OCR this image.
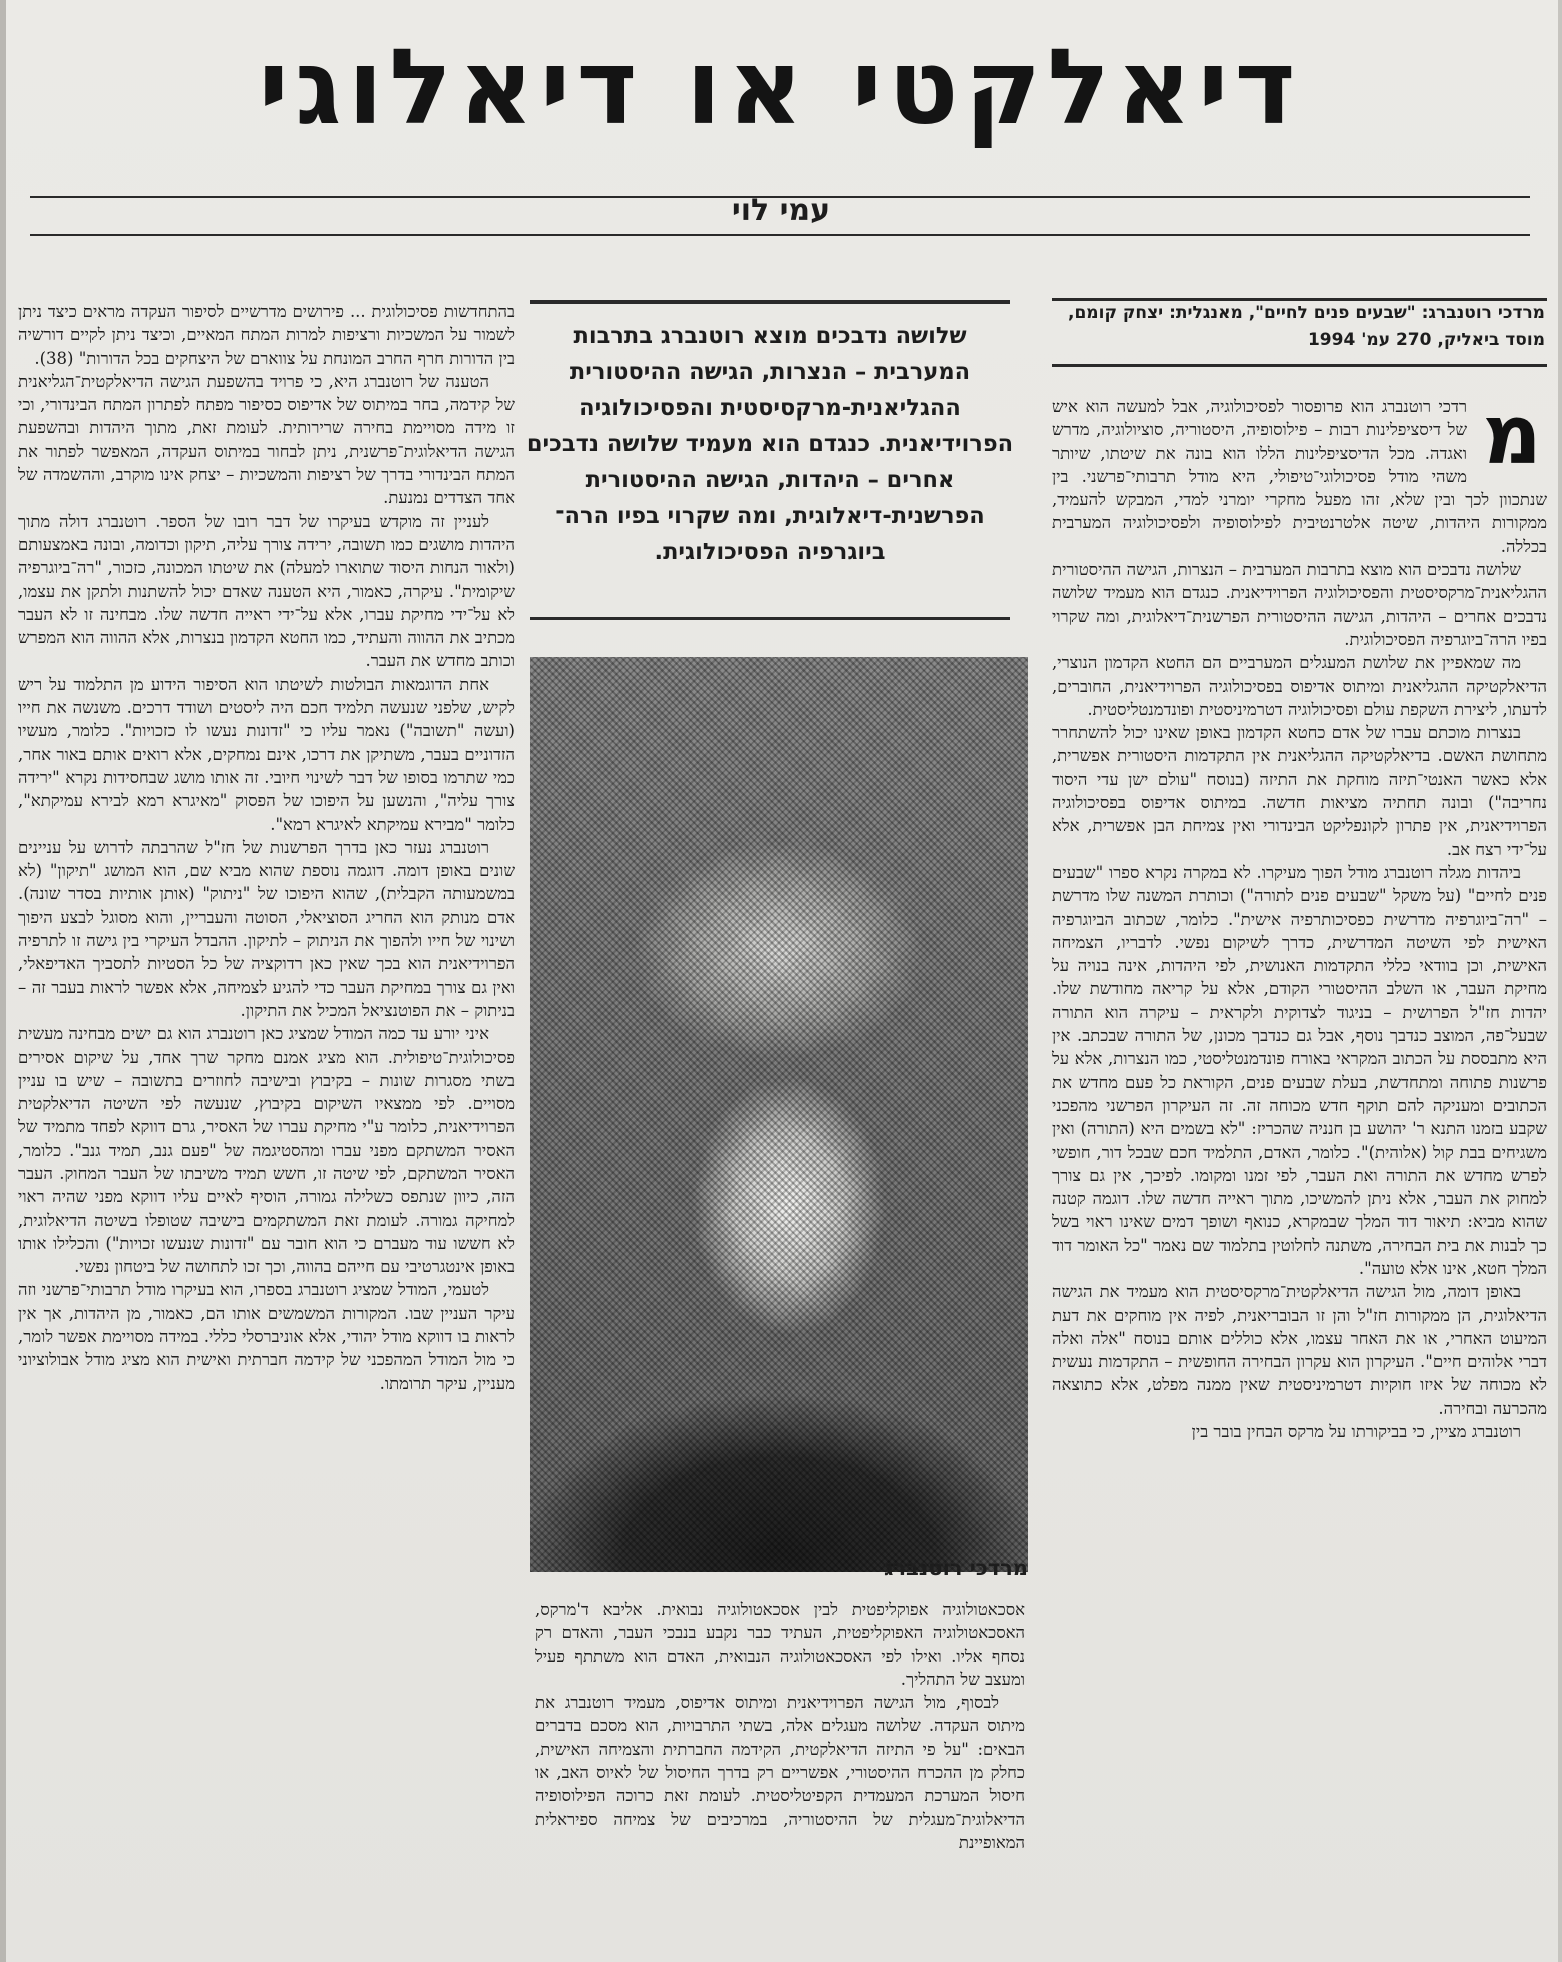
דיאלקטי או דיאלוגי
עמי לוי
מרדכי רוטנברג: "שבעים פנים לחיים", מאנגלית: יצחק קומם, מוסד ביאליק, 270 עמ' 1994
מ

רדכי רוטנברג הוא פרופסור לפסיכולוגיה, אבל למעשה הוא איש של דיסציפלינות רבות – פילוסופיה, היסטוריה, סוציולוגיה, מדרש ואגדה. מכל הדיסציפלינות הללו הוא בונה את שיטתו, שיותר משהי מודל פסיכולוגי־טיפולי, היא מודל תרבותי־פרשני. בין שנתכוון לכך ובין שלא, זהו מפעל מחקרי יומרני למדי, המבקש להעמיד, ממקורות היהדות, שיטה אלטרנטיבית לפילוסופיה ולפסיכולוגיה המערבית בכללה.

שלושה נדבכים הוא מוצא בתרבות המערבית – הנצרות, הגישה ההיסטורית ההגליאנית־מרקסיסטית והפסיכולוגיה הפרוידיאנית. כנגדם הוא מעמיד שלושה נדבכים אחרים – היהדות, הגישה ההיסטורית הפרשנית־דיאלוגית, ומה שקרוי בפיו הרה־ביוגרפיה הפסיכולוגית.

מה שמאפיין את שלושת המעגלים המערביים הם החטא הקדמון הנוצרי, הדיאלקטיקה ההגליאנית ומיתוס אדיפוס בפסיכולוגיה הפרוידיאנית, החוברים, לדעתו, ליצירת השקפת עולם ופסיכולוגיה דטרמיניסטית ופונדמנטליסטית.

בנצרות מוכתם עברו של אדם כחטא הקדמון באופן שאינו יכול להשתחרר מתחושת האשם. בדיאלקטיקה ההגליאנית אין התקדמות היסטורית אפשרית, אלא כאשר האנטי־תיזה מוחקת את התיזה (בנוסח "עולם ישן עדי היסוד נחריבה") ובונה תחתיה מציאות חדשה. במיתוס אדיפוס בפסיכולוגיה הפרוידיאנית, אין פתרון לקונפליקט הבינדורי ואין צמיחת הבן אפשרית, אלא על־ידי רצח אב.

ביהדות מגלה רוטנברג מודל הפוך מעיקרו. לא במקרה נקרא ספרו "שבעים פנים לחיים" (על משקל "שבעים פנים לתורה") וכותרת המשנה שלו מדרשת – "רה־ביוגרפיה מדרשית כפסיכותרפיה אישית". כלומר, שכתוב הביוגרפיה האישית לפי השיטה המדרשית, כדרך לשיקום נפשי. לדבריו, הצמיחה האישית, וכן בוודאי כללי התקדמות האנושית, לפי היהדות, אינה בנויה על מחיקת העבר, או השלב ההיסטורי הקודם, אלא על קריאה מחודשת שלו. יהדות חז"ל הפרושית – בניגוד לצדוקית ולקראית – עיקרה הוא התורה שבעל־פה, המוצב כנדבך נוסף, אבל גם כנדבך מכונן, של התורה שבכתב. אין היא מתבססת על הכתוב המקראי באורח פונדמנטליסטי, כמו הנצרות, אלא על פרשנות פתוחה ומתחדשת, בעלת שבעים פנים, הקוראת כל פעם מחדש את הכתובים ומעניקה להם תוקף חדש מכוחה זה. זה העיקרון הפרשני מהפכני שקבע בזמנו התנא ר' יהושע בן חנניה שהכריז: "לא בשמים היא (התורה) ואין משגיחים בבת קול (אלוהית)". כלומר, האדם, התלמיד חכם שבכל דור, חופשי לפרש מחדש את התורה ואת העבר, לפי זמנו ומקומו. לפיכך, אין גם צורך למחוק את העבר, אלא ניתן להמשיכו, מתוך ראייה חדשה שלו. דוגמה קטנה שהוא מביא: תיאור דוד המלך שבמקרא, כנואף ושופך דמים שאינו ראוי בשל כך לבנות את בית הבחירה, משתנה לחלוטין בתלמוד שם נאמר "כל האומר דוד המלך חטא, אינו אלא טועה".

באופן דומה, מול הגישה הדיאלקטית־מרקסיסטית הוא מעמיד את הגישה הדיאלוגית, הן ממקורות חז"ל והן זו הבובריאנית, לפיה אין מוחקים את דעת המיעוט האחרי, או את האחר עצמו, אלא כוללים אותם בנוסח "אלה ואלה דברי אלוהים חיים". העיקרון הוא עקרון הבחירה החופשית – התקדמות נעשית לא מכוחה של איזו חוקיות דטרמיניסטית שאין ממנה מפלט, אלא כתוצאה מהכרעה ובחירה.

רוטנברג מציין, כי בביקורתו על מרקס הבחין בובר בין

שלושה נדבכים מוצא רוטנברג בתרבות המערבית – הנצרות, הגישה ההיסטורית ההגליאנית-מרקסיסטית והפסיכולוגיה הפרוידיאנית. כנגדם הוא מעמיד שלושה נדבכים אחרים – היהדות, הגישה ההיסטורית הפרשנית-דיאלוגית, ומה שקרוי בפיו הרה־ ביוגרפיה הפסיכולוגית.
מרדכי רוטנברג

אסכאטולוגיה אפוקליפטית לבין אסכאטולוגיה נבואית. אליבא ד'מרקס, האסכאטולוגיה האפוקליפטית, העתיד כבר נקבע בנבכי העבר, והאדם רק נסחף אליו. ואילו לפי האסכאטולוגיה הנבואית, האדם הוא משתתף פעיל ומעצב של התהליך.

לבסוף, מול הגישה הפרוידיאנית ומיתוס אדיפוס, מעמיד רוטנברג את מיתוס העקדה. שלושה מעגלים אלה, בשתי התרבויות, הוא מסכם בדברים הבאים: "על פי התיזה הדיאלקטית, הקידמה החברתית והצמיחה האישית, כחלק מן ההכרח ההיסטורי, אפשריים רק בדרך החיסול של לאיוס האב, או חיסול המערכת המעמדית הקפיטליסטית. לעומת זאת כרוכה הפילוסופיה הדיאלוגית־מעגלית של ההיסטוריה, במרכיבים של צמיחה ספיראלית המאופיינת

בהתחדשות פסיכולוגית ... פירושים מדרשיים לסיפור העקדה מראים כיצד ניתן לשמור על המשכיות ורציפות למרות המתח המאיים, וכיצד ניתן לקיים דורשיה בין הדורות חרף החרב המונחת על צווארם של היצחקים בכל הדורות" (38).

הטענה של רוטנברג היא, כי פרויד בהשפעת הגישה הדיאלקטית־הגליאנית של קידמה, בחר במיתוס של אדיפוס כסיפור מפתח לפתרון המתח הבינדורי, וכי זו מידה מסויימת בחירה שרירותית. לעומת זאת, מתוך היהדות ובהשפעת הגישה הדיאלוגית־פרשנית, ניתן לבחור במיתוס העקדה, המאפשר לפתור את המתח הבינדורי בדרך של רציפות והמשכיות – יצחק אינו מוקרב, וההשמדה של אחד הצדדים נמנעת.

לעניין זה מוקדש בעיקרו של דבר רובו של הספר. רוטנברג דולה מתוך היהדות מושגים כמו תשובה, ירידה צורך עליה, תיקון וכדומה, ובונה באמצעותם (ולאור הנחות היסוד שתוארו למעלה) את שיטתו המכונה, כזכור, "רה־ביוגרפיה שיקומית". עיקרה, כאמור, היא הטענה שאדם יכול להשתנות ולתקן את עצמו, לא על־ידי מחיקת עברו, אלא על־ידי ראייה חדשה שלו. מבחינה זו לא העבר מכתיב את ההווה והעתיד, כמו החטא הקדמון בנצרות, אלא ההווה הוא המפרש וכותב מחדש את העבר.

אחת הדוגמאות הבולטות לשיטתו הוא הסיפור הידוע מן התלמוד על ריש לקיש, שלפני שנעשה תלמיד חכם היה ליסטים ושודד דרכים. משנשה את חייו (ועשה "תשובה") נאמר עליו כי "זדונות נעשו לו כזכויות". כלומר, מעשיו הזדוניים בעבר, משתיקן את דרכו, אינם נמחקים, אלא רואים אותם באור אחר, כמי שתרמו בסופו של דבר לשינוי חיובי. זה אותו מושג שבחסידות נקרא "ירידה צורך עליה", והנשען על היפוכו של הפסוק "מאיגרא רמא לבירא עמיקתא", כלומר "מבירא עמיקתא לאיגרא רמא".

רוטנברג נעזר כאן בדרך הפרשנות של חז"ל שהרבתה לדרוש על עניינים שונים באופן דומה. דוגמה נוספת שהוא מביא שם, הוא המושג "תיקון" (לא במשמעותה הקבלית), שהוא היפוכו של "ניתוק" (אותן אותיות בסדר שונה). אדם מנותק הוא החריג הסוציאלי, הסוטה והעבריין, והוא מסוגל לבצע היפוך ושינוי של חייו ולהפוך את הניתוק – לתיקון. ההבדל העיקרי בין גישה זו לתרפיה הפרוידיאנית הוא בכך שאין כאן רדוקציה של כל הסטיות לתסביך האדיפאלי, ואין גם צורך במחיקת העבר כדי להגיע לצמיחה, אלא אפשר לראות בעבר זה – בניתוק – את הפוטנציאל המכיל את התיקון.

איני יורע עד כמה המודל שמציג כאן רוטנברג הוא גם ישים מבחינה מעשית פסיכולוגית־טיפולית. הוא מציג אמנם מחקר שרך אחד, על שיקום אסירים בשתי מסגרות שונות – בקיבוץ ובישיבה לחוזרים בתשובה – שיש בו עניין מסויים. לפי ממצאיו השיקום בקיבוץ, שנעשה לפי השיטה הדיאלקטית הפרוידיאנית, כלומר ע"י מחיקת עברו של האסיר, גרם דווקא לפחד מתמיד של האסיר המשתקם מפני עברו ומהסטיגמה של "פעם גנב, תמיד גנב". כלומר, האסיר המשתקם, לפי שיטה זו, חשש תמיד משיבתו של העבר המחוק. העבר הזה, כיוון שנתפס כשלילה גמורה, הוסיף לאיים עליו דווקא מפני שהיה ראוי למחיקה גמורה. לעומת זאת המשתקמים בישיבה שטופלו בשיטה הדיאלוגית, לא חששו עוד מעברם כי הוא חובר עם "זדונות שנעשו זכויות") והכלילו אותו באופן אינטגרטיבי עם חייהם בהווה, וכך זכו לתחושה של ביטחון נפשי.

לטעמי, המודל שמציג רוטנברג בספרו, הוא בעיקרו מודל תרבותי־פרשני וזה עיקר העניין שבו. המקורות המשמשים אותו הם, כאמור, מן היהדות, אך אין לראות בו דווקא מודל יהודי, אלא אוניברסלי כללי. במידה מסויימת אפשר לומר, כי מול המודל המהפכני של קידמה חברתית ואישית הוא מציג מודל אבולוציוני מעניין, עיקר תרומתו.
